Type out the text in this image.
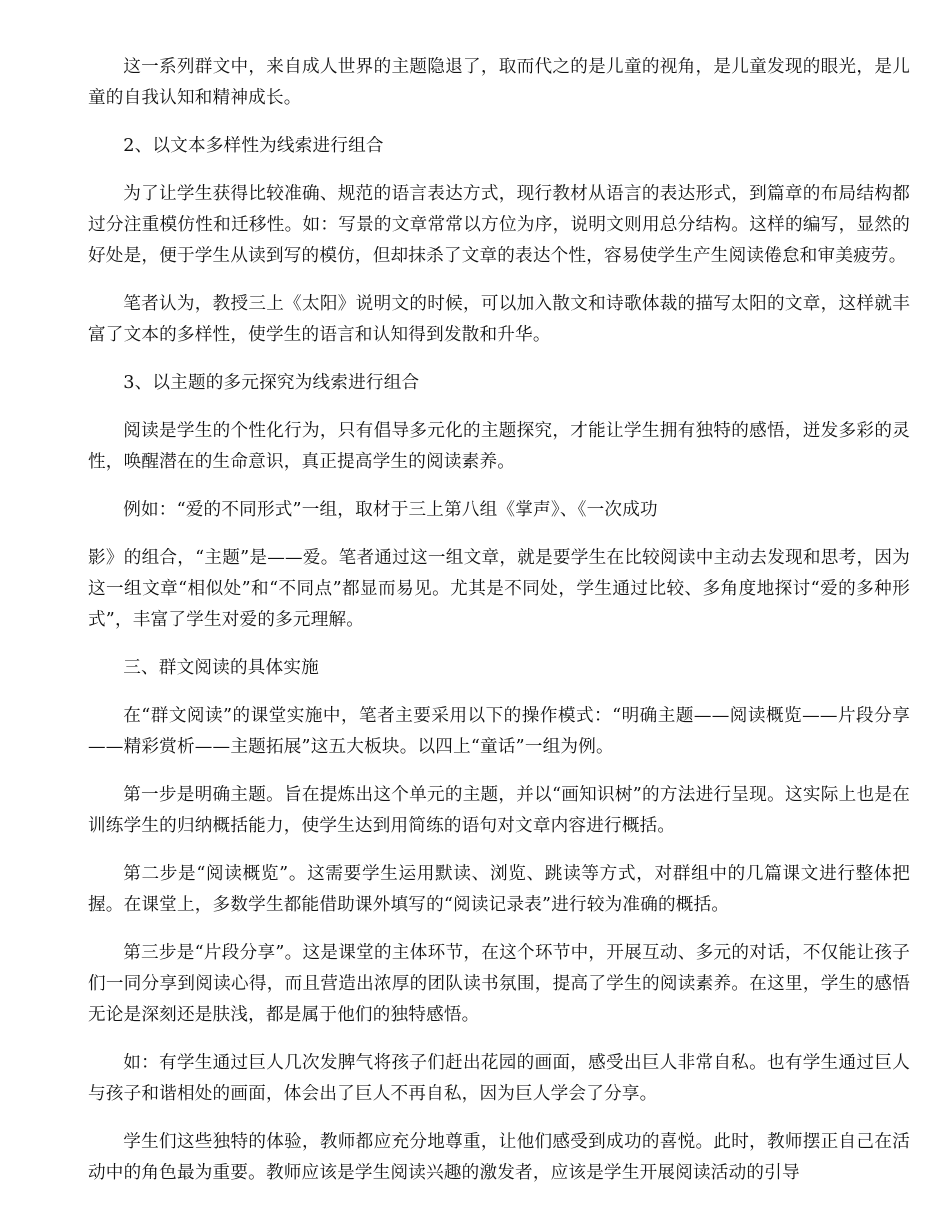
这一系列群文中，来自成人世界的主题隐退了，取而代之的是儿童的视角，是儿童发现的眼光，是儿童的自我认知和精神成长。

2、以文本多样性为线索进行组合

为了让学生获得比较准确、规范的语言表达方式，现行教材从语言的表达形式，到篇章的布局结构都过分注重模仿性和迁移性。如：写景的文章常常以方位为序，说明文则用总分结构。这样的编写，显然的好处是，便于学生从读到写的模仿，但却抹杀了文章的表达个性，容易使学生产生阅读倦怠和审美疲劳。

笔者认为，教授三上《太阳》说明文的时候，可以加入散文和诗歌体裁的描写太阳的文章，这样就丰富了文本的多样性，使学生的语言和认知得到发散和升华。

3、以主题的多元探究为线索进行组合

阅读是学生的个性化行为，只有倡导多元化的主题探究，才能让学生拥有独特的感悟，迸发多彩的灵性，唤醒潜在的生命意识，真正提高学生的阅读素养。

例如：“爱的不同形式”一组，取材于三上第八组《掌声》、《一次成功

影》的组合，“主题”是——爱。笔者通过这一组文章，就是要学生在比较阅读中主动去发现和思考，因为这一组文章“相似处”和“不同点”都显而易见。尤其是不同处，学生通过比较、多角度地探讨“爱的多种形式”，丰富了学生对爱的多元理解。

三、群文阅读的具体实施

在“群文阅读”的课堂实施中，笔者主要采用以下的操作模式：“明确主题——阅读概览——片段分享——精彩赏析——主题拓展”这五大板块。以四上“童话”一组为例。

第一步是明确主题。旨在提炼出这个单元的主题，并以“画知识树”的方法进行呈现。这实际上也是在训练学生的归纳概括能力，使学生达到用简练的语句对文章内容进行概括。

第二步是“阅读概览”。这需要学生运用默读、浏览、跳读等方式，对群组中的几篇课文进行整体把握。在课堂上，多数学生都能借助课外填写的“阅读记录表”进行较为准确的概括。

第三步是“片段分享”。这是课堂的主体环节，在这个环节中，开展互动、多元的对话，不仅能让孩子们一同分享到阅读心得，而且营造出浓厚的团队读书氛围，提高了学生的阅读素养。在这里，学生的感悟无论是深刻还是肤浅，都是属于他们的独特感悟。

如：有学生通过巨人几次发脾气将孩子们赶出花园的画面，感受出巨人非常自私。也有学生通过巨人与孩子和谐相处的画面，体会出了巨人不再自私，因为巨人学会了分享。

学生们这些独特的体验，教师都应充分地尊重，让他们感受到成功的喜悦。此时，教师摆正自己在活动中的角色最为重要。教师应该是学生阅读兴趣的激发者，应该是学生开展阅读活动的引导
